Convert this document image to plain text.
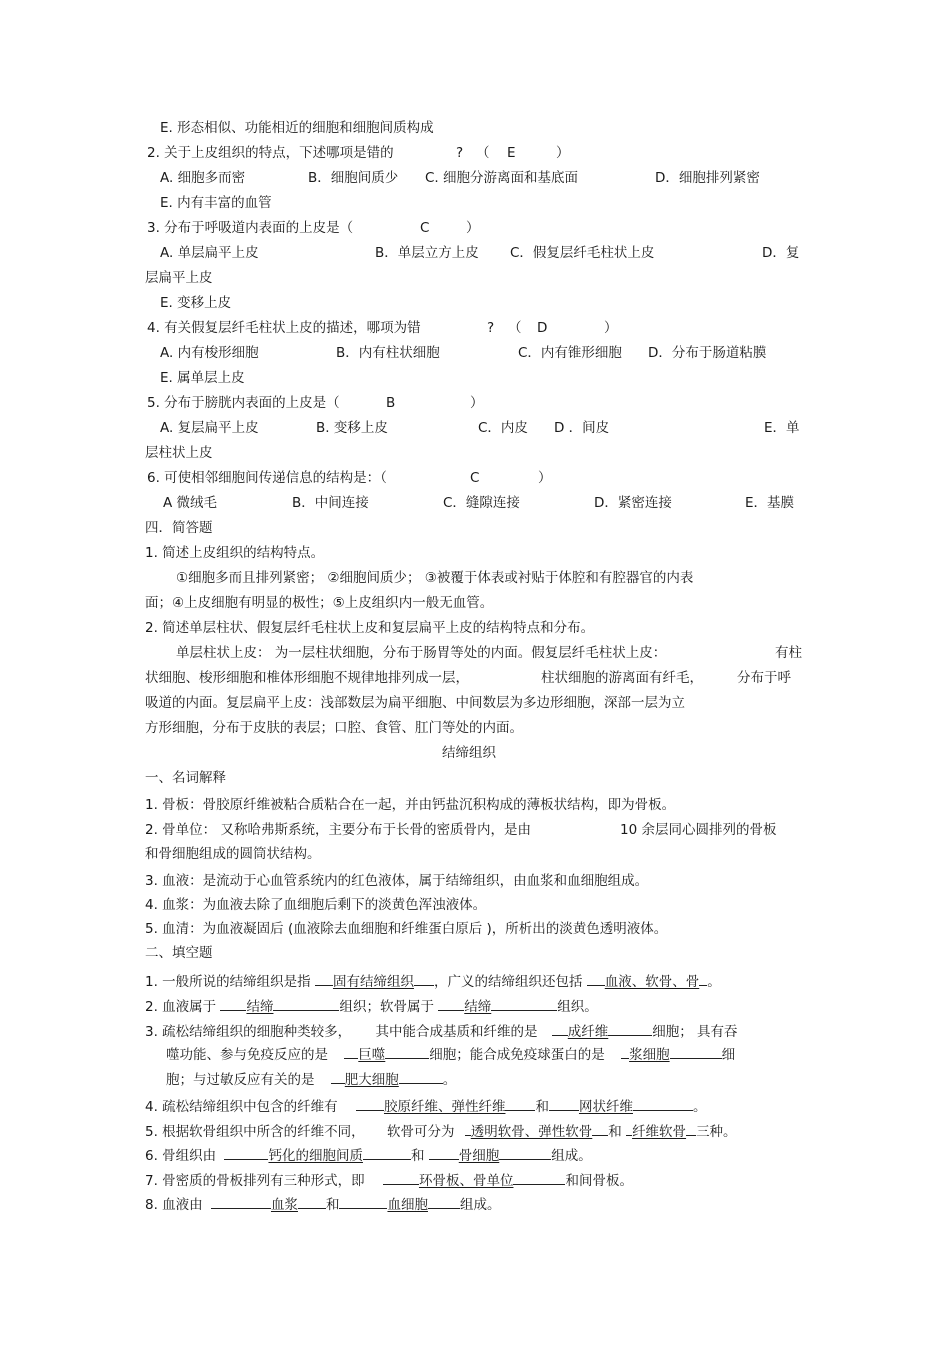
E. 形态相似、功能相近的细胞和细胞间质构成
2. 关于上皮组织的特点，下述哪项是错的	? （ E	）
A. 细胞多而密	B．细胞间质少 C. 细胞分游离面和基底面	D．细胞排列紧密
E. 内有丰富的血管
3. 分布于呼吸道内表面的上皮是（	C	）
A. 单层扁平上皮	B．单层立方上皮 C．假复层纤毛柱状上皮	D．复
层扁平上皮
E. 变移上皮
4. 有关假复层纤毛柱状上皮的描述，哪项为错	? （ D	）
A. 内有梭形细胞	B．内有柱状细胞	C．内有锥形细胞 D．分布于肠道粘膜
E. 属单层上皮
5. 分布于膀胱内表面的上皮是（	B	）
A. 复层扁平上皮	B. 变移上皮	C．内皮 D ．间皮	E．单
层柱状上皮
6. 可使相邻细胞间传递信息的结构是：（	C	）
A 微绒毛	B．中间连接	C．缝隙连接	D．紧密连接	E．基膜
四．简答题
1. 简述上皮组织的结构特点。
①细胞多而且排列紧密； ②细胞间质少； ③被覆于体表或衬贴于体腔和有腔器官的内表
面；④上皮细胞有明显的极性；⑤上皮组织内一般无血管。
2. 简述单层柱状、假复层纤毛柱状上皮和复层扁平上皮的结构特点和分布。
单层柱状上皮： 为一层柱状细胞，分布于肠胃等处的内面。假复层纤毛柱状上皮：	有柱
状细胞、梭形细胞和椎体形细胞不规律地排列成一层，	柱状细胞的游离面有纤毛，	分布于呼
吸道的内面。复层扁平上皮：浅部数层为扁平细胞、中间数层为多边形细胞，深部一层为立
方形细胞，分布于皮肤的表层；口腔、食管、肛门等处的内面。
结缔组织
一、名词解释
1. 骨板：骨胶原纤维被粘合质粘合在一起，并由钙盐沉积构成的薄板状结构，即为骨板。
2. 骨单位： 又称哈弗斯系统，主要分布于长骨的密质骨内，是由	10 余层同心圆排列的骨板
和骨细胞组成的圆筒状结构。
3. 血液：是流动于心血管系统内的红色液体，属于结缔组织，由血浆和血细胞组成。
4. 血浆：为血液去除了血细胞后剩下的淡黄色浑浊液体。
5. 血清：为血液凝固后 (血液除去血细胞和纤维蛋白原后 )，所析出的淡黄色透明液体。
二、填空题
1. 一般所说的结缔组织是指 固有结缔组织 ，广义的结缔组织还包括 血液、软骨、骨 。
2. 血液属于 结缔	组织；软骨属于 结缔	组织。
3. 疏松结缔组织的细胞种类较多， 其中能合成基质和纤维的是 成纤维	细胞； 具有吞
噬功能、参与免疫反应的是 巨噬	细胞；能合成免疫球蛋白的是 浆细胞	细
胞；与过敏反应有关的是 肥大细胞	。
4. 疏松结缔组织中包含的纤维有	胶原纤维、弹性纤维 和 网状纤维	。
5. 根据软骨组织中所含的纤维不同， 软骨可分为 透明软骨、弹性软骨 和 纤维软骨 三种。
6. 骨组织由	钙化的细胞间质	和	骨细胞	组成。
7. 骨密质的骨板排列有三种形式，即	环骨板、骨单位	和间骨板。
8. 血液由	血浆 和	血细胞 组成。
